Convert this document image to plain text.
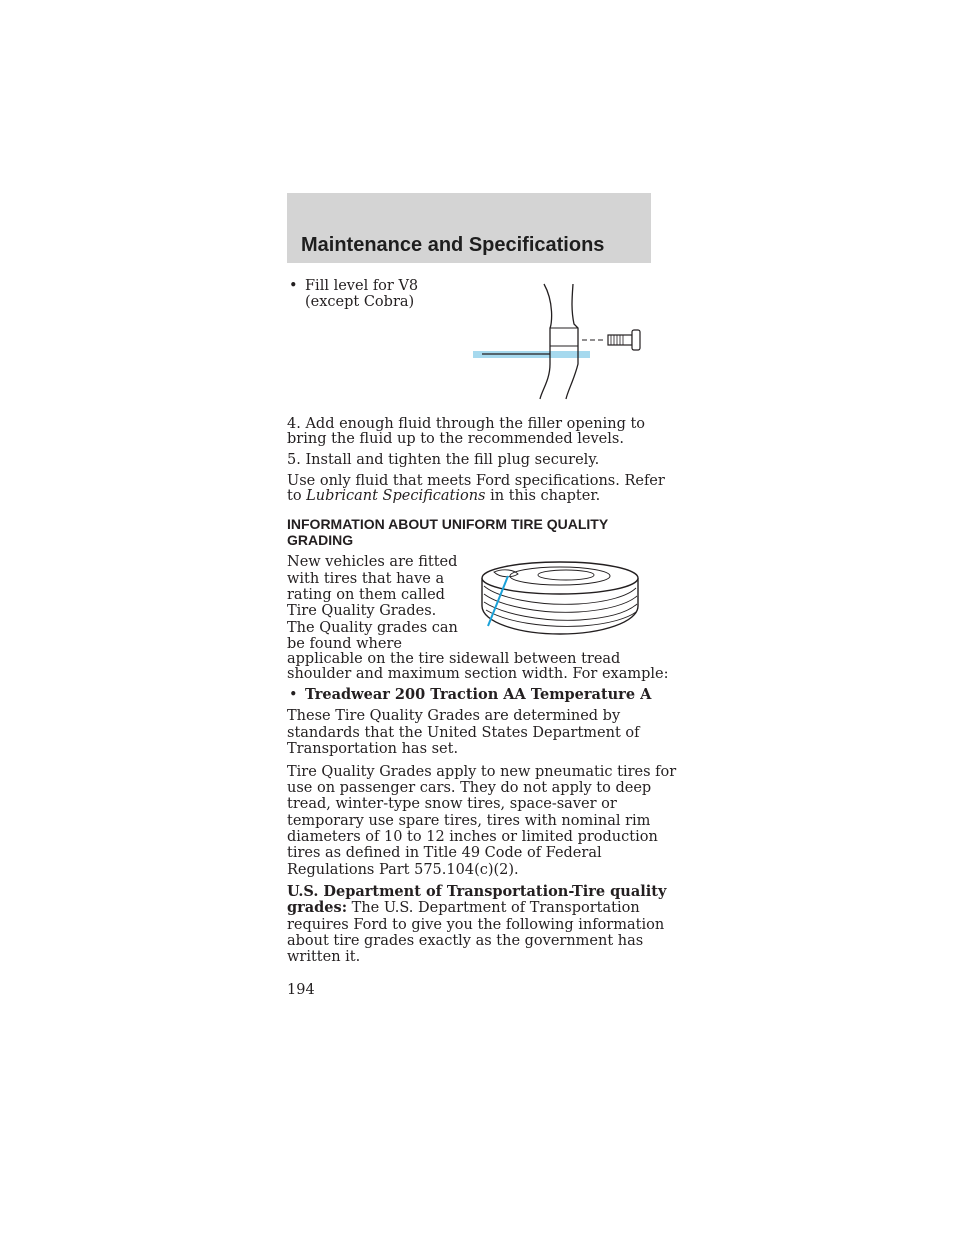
Maintenance and Specifications
• Fill level for V8
(except Cobra)
4. Add enough fluid through the filler opening to
bring the fluid up to the recommended levels.
5. Install and tighten the fill plug securely.
Use only fluid that meets Ford specifications. Refer
to Lubricant Specifications in this chapter.
INFORMATION ABOUT UNIFORM TIRE QUALITY
GRADING
New vehicles are fitted
with tires that have a
rating on them called
Tire Quality Grades.
The Quality grades can
be found where
applicable on the tire sidewall between tread
shoulder and maximum section width. For example:
• Treadwear 200 Traction AA Temperature A
These Tire Quality Grades are determined by
standards that the United States Department of
Transportation has set.
Tire Quality Grades apply to new pneumatic tires for
use on passenger cars. They do not apply to deep
tread, winter-type snow tires, space-saver or
temporary use spare tires, tires with nominal rim
diameters of 10 to 12 inches or limited production
tires as defined in Title 49 Code of Federal
Regulations Part 575.104(c)(2).
U.S. Department of Transportation-Tire quality
grades: The U.S. Department of Transportation
requires Ford to give you the following information
about tire grades exactly as the government has
written it.
194
